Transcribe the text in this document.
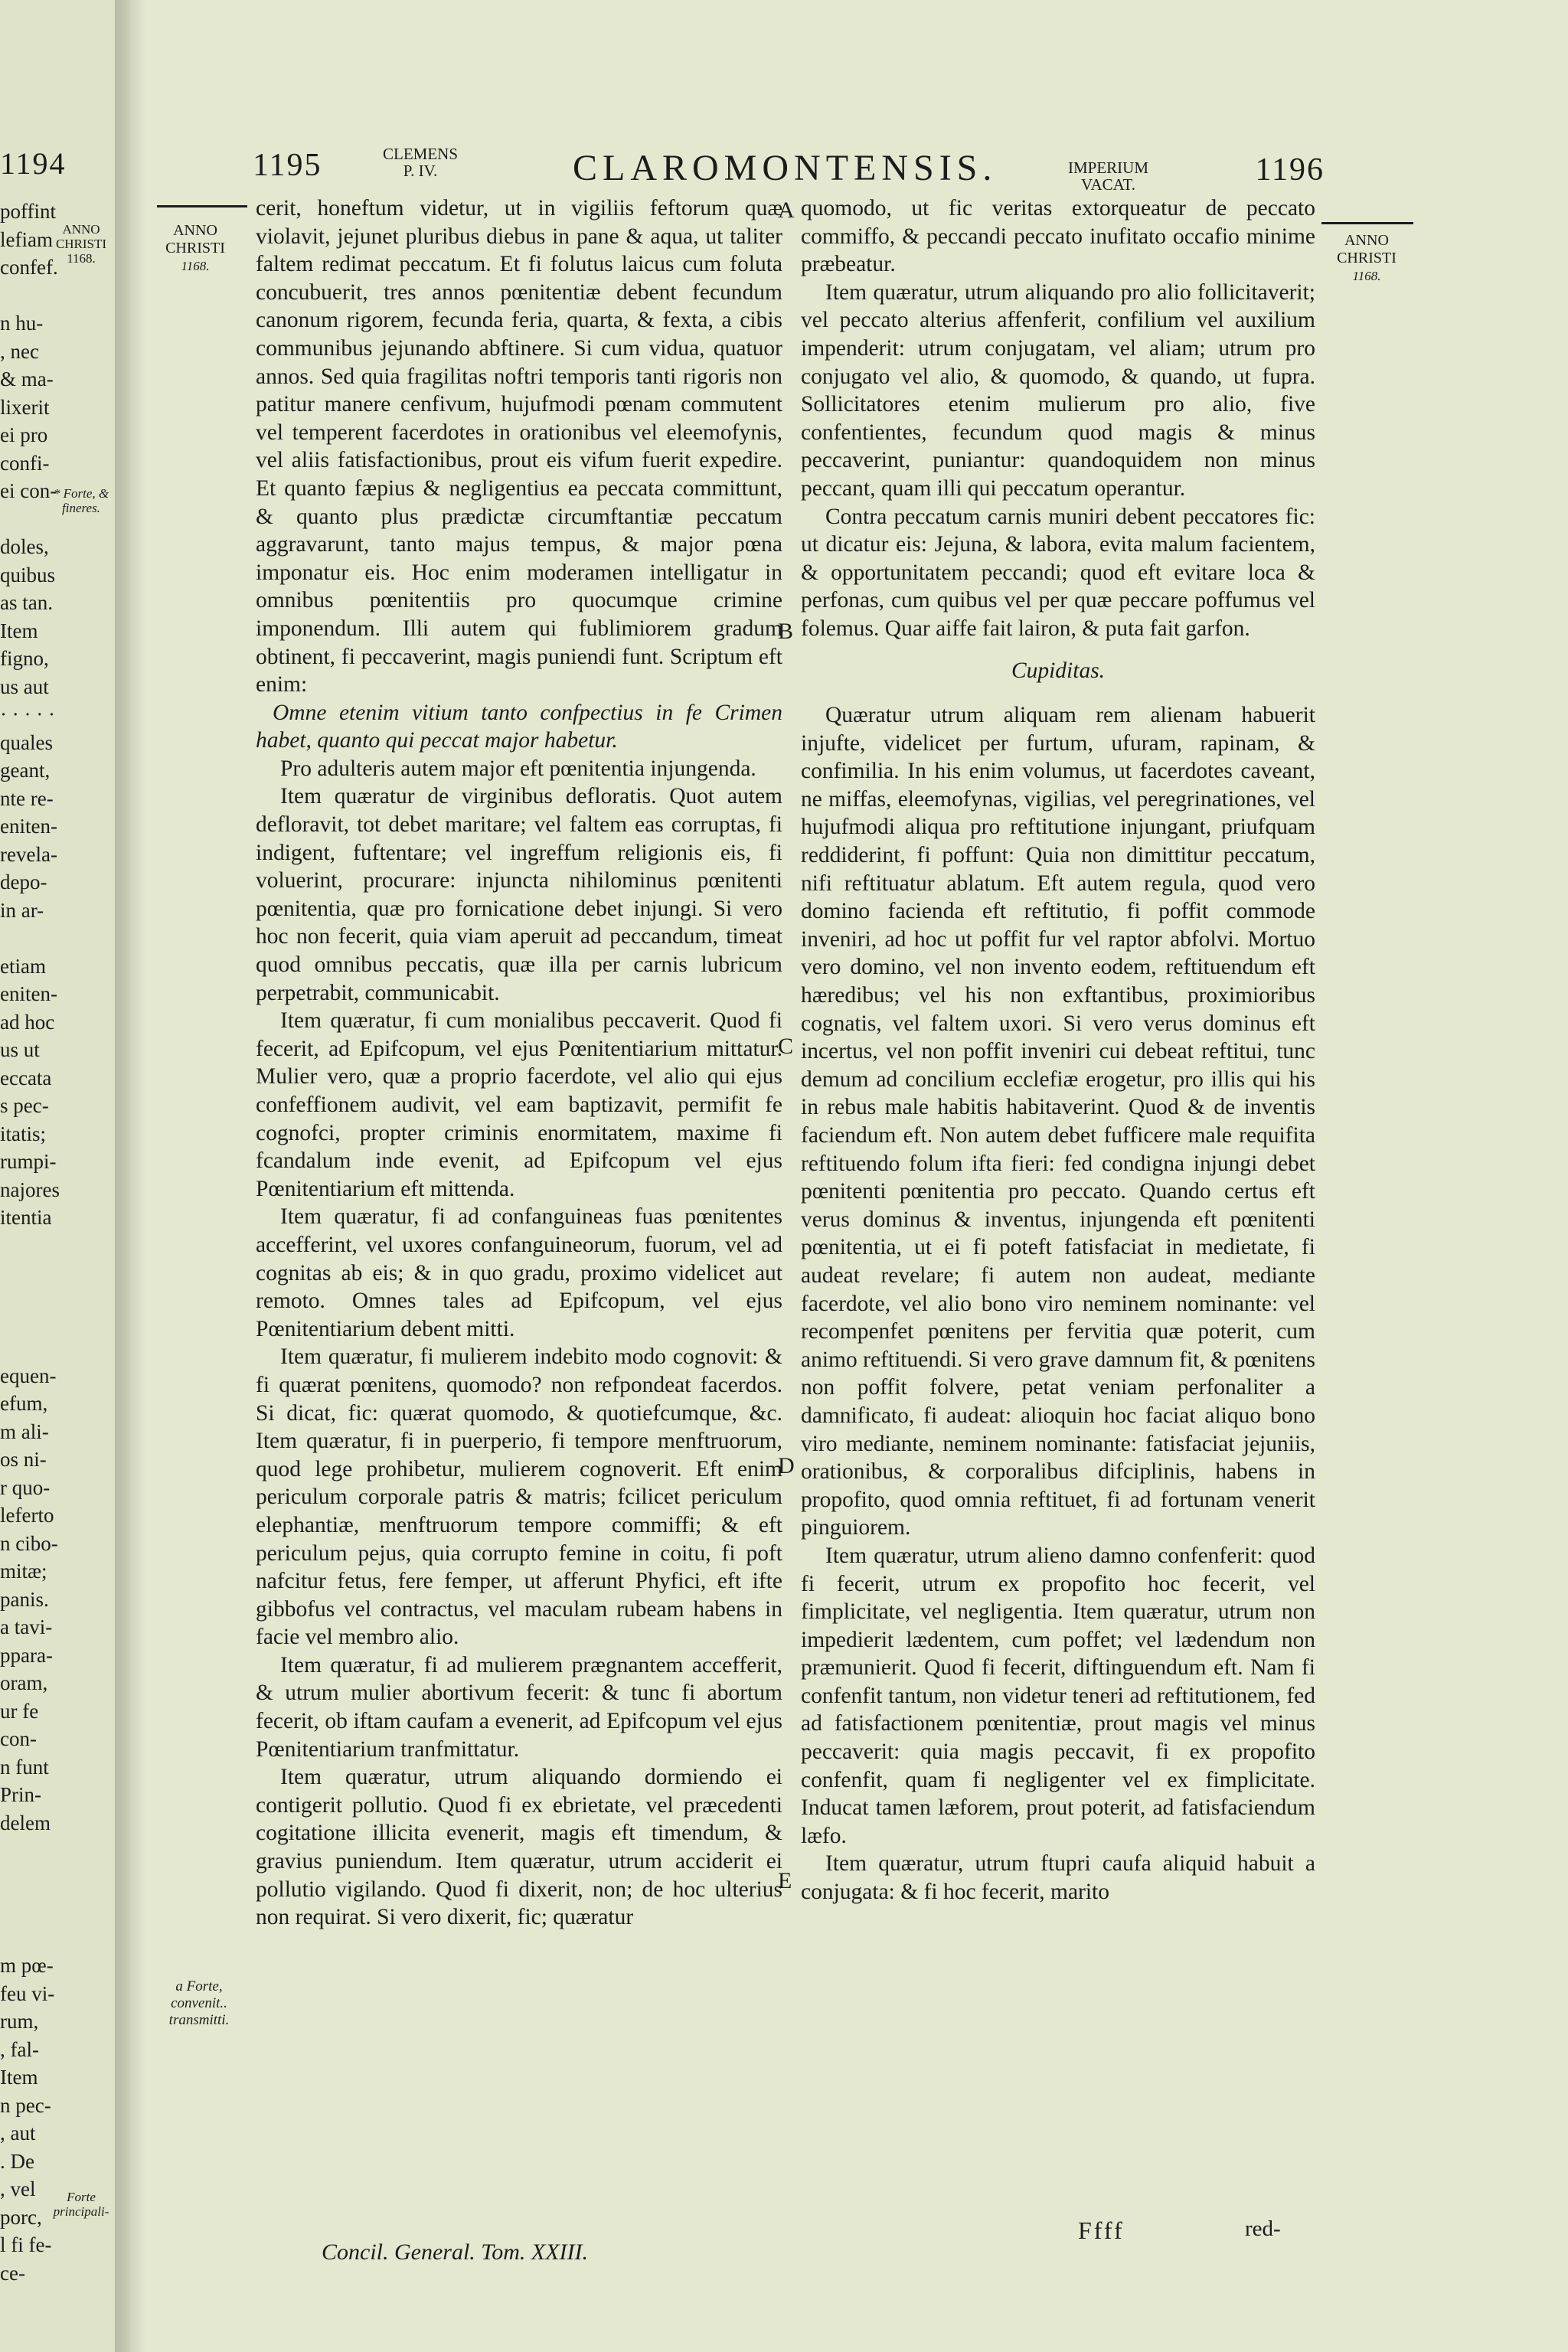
1194
poffint
lefiam
confef.
n hu-
, nec
& ma-
lixerit
ei pro
confi-
ei con-
doles,
quibus
as tan.
Item
figno,
us aut
· · · · ·
quales
geant,
nte re-
eniten-
revela-
depo-
in ar-
etiam
eniten-
ad hoc
us ut
eccata
s pec-
itatis;
rumpi-
najores
itentia
equen-
efum,
m ali-
os ni-
r quo-
leferto
n cibo-
mitæ;
panis.
a tavi-
ppara-
oram,
ur fe
con-
n funt
Prin-
delem
m pœ-
feu vi-
rum,
, fal-
Item
n pec-
, aut
. De
, vel
porc,
l fi fe-
ce-
ANNO CHRISTI 1168.
* Forte, & fineres.
Forte principali-
1195	CLEMENS
P. IV.	CLAROMONTENSIS.	IMPERIUM
VACAT.	1196
ANNO
CHRISTI
1168.
ANNO
CHRISTI
1168.

cerit, honeftum videtur, ut in vigiliis feftorum quæ violavit, jejunet pluribus diebus in pane & aqua, ut taliter faltem redimat peccatum. Et fi folutus laicus cum foluta concubuerit, tres annos pœnitentiæ debent fecundum canonum rigorem, fecunda feria, quarta, & fexta, a cibis communibus jejunando abftinere. Si cum vidua, quatuor annos. Sed quia fragilitas noftri temporis tanti rigoris non patitur manere cenfivum, hujufmodi pœnam commutent vel temperent facerdotes in orationibus vel eleemofynis, vel aliis fatisfactionibus, prout eis vifum fuerit expedire. Et quanto fæpius & negligentius ea peccata committunt, & quanto plus prædictæ circumftantiæ peccatum aggravarunt, tanto majus tempus, & major pœna imponatur eis. Hoc enim moderamen intelligatur in omnibus pœnitentiis pro quocumque crimine imponendum. Illi autem qui fublimiorem gradum obtinent, fi peccaverint, magis puniendi funt. Scriptum eft enim:

Omne etenim vitium tanto confpectius in fe Crimen habet, quanto qui peccat major habetur.

Pro adulteris autem major eft pœnitentia injungenda.

Item quæratur de virginibus defloratis. Quot autem defloravit, tot debet maritare; vel faltem eas corruptas, fi indigent, fuftentare; vel ingreffum religionis eis, fi voluerint, procurare: injuncta nihilominus pœnitenti pœnitentia, quæ pro fornicatione debet injungi. Si vero hoc non fecerit, quia viam aperuit ad peccandum, timeat quod omnibus peccatis, quæ illa per carnis lubricum perpetrabit, communicabit.

Item quæratur, fi cum monialibus peccaverit. Quod fi fecerit, ad Epifcopum, vel ejus Pœnitentiarium mittatur. Mulier vero, quæ a proprio facerdote, vel alio qui ejus confeffionem audivit, vel eam baptizavit, permifit fe cognofci, propter criminis enormitatem, maxime fi fcandalum inde evenit, ad Epifcopum vel ejus Pœnitentiarium eft mittenda.

Item quæratur, fi ad confanguineas fuas pœnitentes accefferint, vel uxores confanguineorum, fuorum, vel ad cognitas ab eis; & in quo gradu, proximo videlicet aut remoto. Omnes tales ad Epifcopum, vel ejus Pœnitentiarium debent mitti.

Item quæratur, fi mulierem indebito modo cognovit: & fi quærat pœnitens, quomodo? non refpondeat facerdos. Si dicat, fic: quærat quomodo, & quotiefcumque, &c. Item quæratur, fi in puerperio, fi tempore menftruorum, quod lege prohibetur, mulierem cognoverit. Eft enim periculum corporale patris & matris; fcilicet periculum elephantiæ, menftruorum tempore commiffi; & eft periculum pejus, quia corrupto femine in coitu, fi poft nafcitur fetus, fere femper, ut afferunt Phyfici, eft ifte gibbofus vel contractus, vel maculam rubeam habens in facie vel membro alio.

Item quæratur, fi ad mulierem prægnantem accefferit, & utrum mulier abortivum fecerit: & tunc fi abortum fecerit, ob iftam caufam a evenerit, ad Epifcopum vel ejus Pœnitentiarium tranfmittatur.

Item quæratur, utrum aliquando dormiendo ei contigerit pollutio. Quod fi ex ebrietate, vel præcedenti cogitatione illicita evenerit, magis eft timendum, & gravius puniendum. Item quæratur, utrum acciderit ei pollutio vigilando. Quod fi dixerit, non; de hoc ulterius non requirat. Si vero dixerit, fic; quæratur

A
B
C
D
E

quomodo, ut fic veritas extorqueatur de peccato commiffo, & peccandi peccato inufitato occafio minime præbeatur.

Item quæratur, utrum aliquando pro alio follicitaverit; vel peccato alterius affenferit, confilium vel auxilium impenderit: utrum conjugatam, vel aliam; utrum pro conjugato vel alio, & quomodo, & quando, ut fupra. Sollicitatores etenim mulierum pro alio, five confentientes, fecundum quod magis & minus peccaverint, puniantur: quandoquidem non minus peccant, quam illi qui peccatum operantur.

Contra peccatum carnis muniri debent peccatores fic: ut dicatur eis: Jejuna, & labora, evita malum facientem, & opportunitatem peccandi; quod eft evitare loca & perfonas, cum quibus vel per quæ peccare poffumus vel folemus. Quar aiffe fait lairon, & puta fait garfon.

Cupiditas.

Quæratur utrum aliquam rem alienam habuerit injufte, videlicet per furtum, ufuram, rapinam, & confimilia. In his enim volumus, ut facerdotes caveant, ne miffas, eleemofynas, vigilias, vel peregrinationes, vel hujufmodi aliqua pro reftitutione injungant, priufquam reddiderint, fi poffunt: Quia non dimittitur peccatum, nifi reftituatur ablatum. Eft autem regula, quod vero domino facienda eft reftitutio, fi poffit commode inveniri, ad hoc ut poffit fur vel raptor abfolvi. Mortuo vero domino, vel non invento eodem, reftituendum eft hæredibus; vel his non exftantibus, proximioribus cognatis, vel faltem uxori. Si vero verus dominus eft incertus, vel non poffit inveniri cui debeat reftitui, tunc demum ad concilium ecclefiæ erogetur, pro illis qui his in rebus male habitis habitaverint. Quod & de inventis faciendum eft. Non autem debet fufficere male requifita reftituendo folum ifta fieri: fed condigna injungi debet pœnitenti pœnitentia pro peccato. Quando certus eft verus dominus & inventus, injungenda eft pœnitenti pœnitentia, ut ei fi poteft fatisfaciat in medietate, fi audeat revelare; fi autem non audeat, mediante facerdote, vel alio bono viro neminem nominante: vel recompenfet pœnitens per fervitia quæ poterit, cum animo reftituendi. Si vero grave damnum fit, & pœnitens non poffit folvere, petat veniam perfonaliter a damnificato, fi audeat: alioquin hoc faciat aliquo bono viro mediante, neminem nominante: fatisfaciat jejuniis, orationibus, & corporalibus difciplinis, habens in propofito, quod omnia reftituet, fi ad fortunam venerit pinguiorem.

Item quæratur, utrum alieno damno confenferit: quod fi fecerit, utrum ex propofito hoc fecerit, vel fimplicitate, vel negligentia. Item quæratur, utrum non impedierit lædentem, cum poffet; vel lædendum non præmunierit. Quod fi fecerit, diftinguendum eft. Nam fi confenfit tantum, non videtur teneri ad reftitutionem, fed ad fatisfactionem pœnitentiæ, prout magis vel minus peccaverit: quia magis peccavit, fi ex propofito confenfit, quam fi negligenter vel ex fimplicitate. Inducat tamen læforem, prout poterit, ad fatisfaciendum læfo.

Item quæratur, utrum ftupri caufa aliquid habuit a conjugata: & fi hoc fecerit, marito

a Forte,
convenit..
transmitti.
Concil. General. Tom. XXIII.
Ffff	red-
